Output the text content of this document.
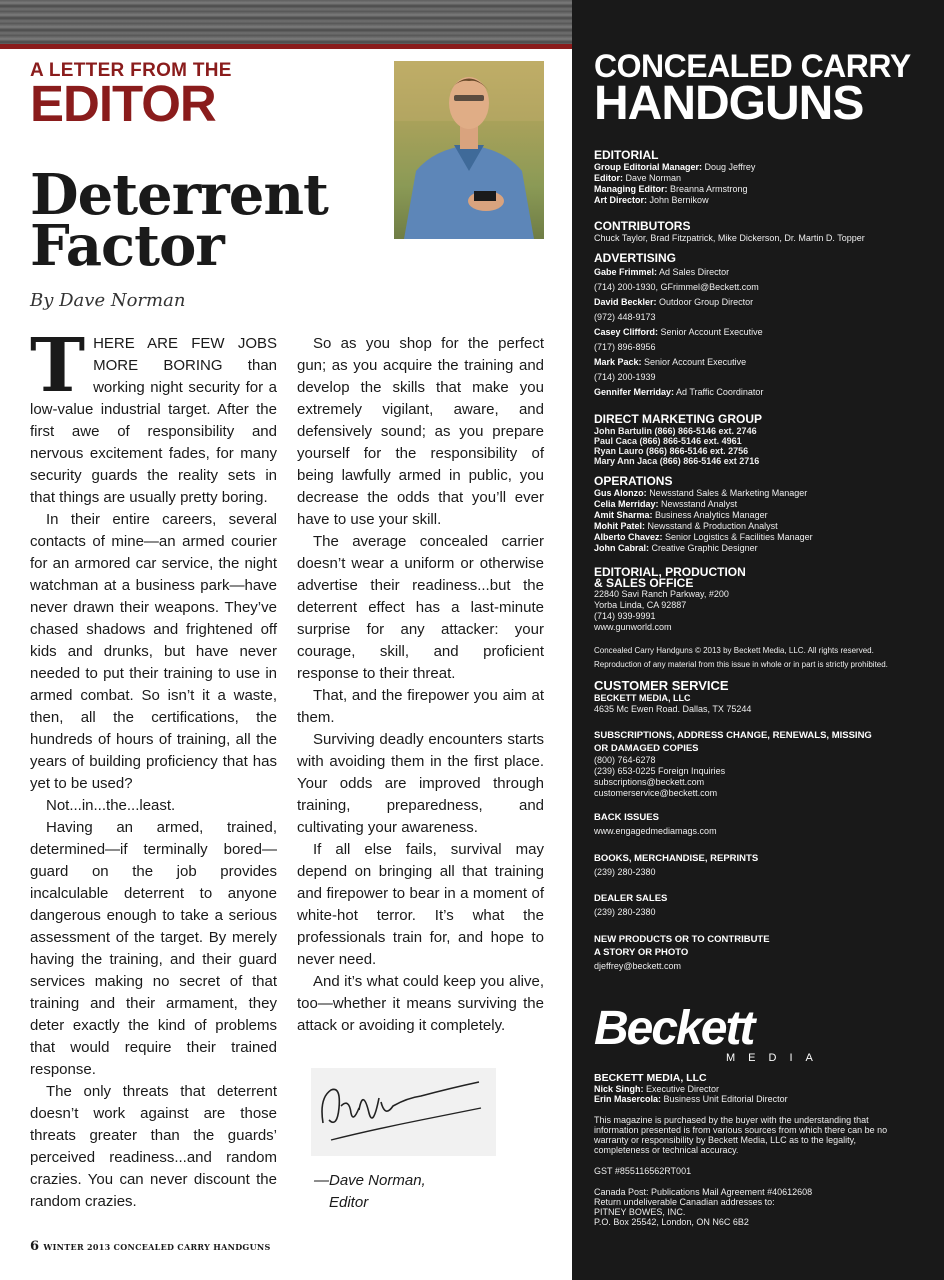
A LETTER FROM THE
EDITOR
Deterrent
Factor
By Dave Norman

THERE ARE FEW JOBS MORE BORING than working night security for a low-value industrial target. After the first awe of responsibility and nervous excitement fades, for many security guards the reality sets in that things are usually pretty boring.

In their entire careers, several contacts of mine—an armed courier for an armored car service, the night watchman at a business park—have never drawn their weapons. They’ve chased shadows and frightened off kids and drunks, but have never needed to put their training to use in armed combat. So isn’t it a waste, then, all the certifications, the hundreds of hours of training, all the years of building proficiency that has yet to be used?

Not...in...the...least.

Having an armed, trained, determined—if terminally bored—guard on the job provides incalculable deterrent to anyone dangerous enough to take a serious assessment of the target. By merely having the training, and their guard services making no secret of that training and their armament, they deter exactly the kind of problems that would require their trained response.

The only threats that deterrent doesn’t work against are those threats greater than the guards’ perceived readiness...and random crazies. You can never discount the random crazies.

So as you shop for the perfect gun; as you acquire the training and develop the skills that make you extremely vigilant, aware, and defensively sound; as you prepare yourself for the responsibility of being lawfully armed in public, you decrease the odds that you’ll ever have to use your skill.

The average concealed carrier doesn’t wear a uniform or otherwise advertise their readiness...but the deterrent effect has a last-minute surprise for any attacker: your courage, skill, and proficient response to their threat.

That, and the firepower you aim at them.

Surviving deadly encounters starts with avoiding them in the first place. Your odds are improved through training, preparedness, and cultivating your awareness.

If all else fails, survival may depend on bringing all that training and firepower to bear in a moment of white-hot terror. It’s what the professionals train for, and hope to never need.

And it’s what could keep you alive, too—whether it means surviving the attack or avoiding it completely.

—Dave Norman,
Editor
6 WINTER 2013 CONCEALED CARRY HANDGUNS
CONCEALED CARRY
HANDGUNS
EDITORIAL
Group Editorial Manager: Doug Jeffrey
Editor: Dave Norman
Managing Editor: Breanna Armstrong
Art Director: John Bernikow
CONTRIBUTORS
Chuck Taylor, Brad Fitzpatrick, Mike Dickerson, Dr. Martin D. Topper
ADVERTISING
Gabe Frimmel: Ad Sales Director
(714) 200-1930, GFrimmel@Beckett.com
David Beckler: Outdoor Group Director
(972) 448-9173
Casey Clifford: Senior Account Executive
(717) 896-8956
Mark Pack: Senior Account Executive
(714) 200-1939
Gennifer Merriday: Ad Traffic Coordinator
DIRECT MARKETING GROUP
John Bartulin (866) 866-5146 ext. 2746
Paul Caca (866) 866-5146 ext. 4961
Ryan Lauro (866) 866-5146 ext. 2756
Mary Ann Jaca (866) 866-5146 ext 2716
OPERATIONS
Gus Alonzo: Newsstand Sales & Marketing Manager
Celia Merriday: Newsstand Analyst
Amit Sharma: Business Analytics Manager
Mohit Patel: Newsstand & Production Analyst
Alberto Chavez: Senior Logistics & Facilities Manager
John Cabral: Creative Graphic Designer
EDITORIAL, PRODUCTION
& SALES OFFICE
22840 Savi Ranch Parkway, #200
Yorba Linda, CA 92887
(714) 939-9991
www.gunworld.com
Concealed Carry Handguns © 2013 by Beckett Media, LLC. All rights reserved.
Reproduction of any material from this issue in whole or in part is strictly prohibited.
CUSTOMER SERVICE
BECKETT MEDIA, LLC
4635 Mc Ewen Road. Dallas, TX 75244
SUBSCRIPTIONS, ADDRESS CHANGE, RENEWALS, MISSING
OR DAMAGED COPIES
(800) 764-6278
(239) 653-0225 Foreign Inquiries
subscriptions@beckett.com
customerservice@beckett.com
BACK ISSUES
www.engagedmediamags.com
BOOKS, MERCHANDISE, REPRINTS
(239) 280-2380
DEALER SALES
(239) 280-2380
NEW PRODUCTS OR TO CONTRIBUTE
A STORY OR PHOTO
djeffrey@beckett.com
Beckett
MEDIA
BECKETT MEDIA, LLC
Nick Singh: Executive Director
Erin Masercola: Business Unit Editorial Director
This magazine is purchased by the buyer with the understanding that information presented is from various sources from which there can be no warranty or responsibility by Beckett Media, LLC as to the legality, completeness or technical accuracy.
GST #855116562RT001
Canada Post: Publications Mail Agreement #40612608
Return undeliverable Canadian addresses to:
PITNEY BOWES, INC.
P.O. Box 25542, London, ON N6C 6B2
